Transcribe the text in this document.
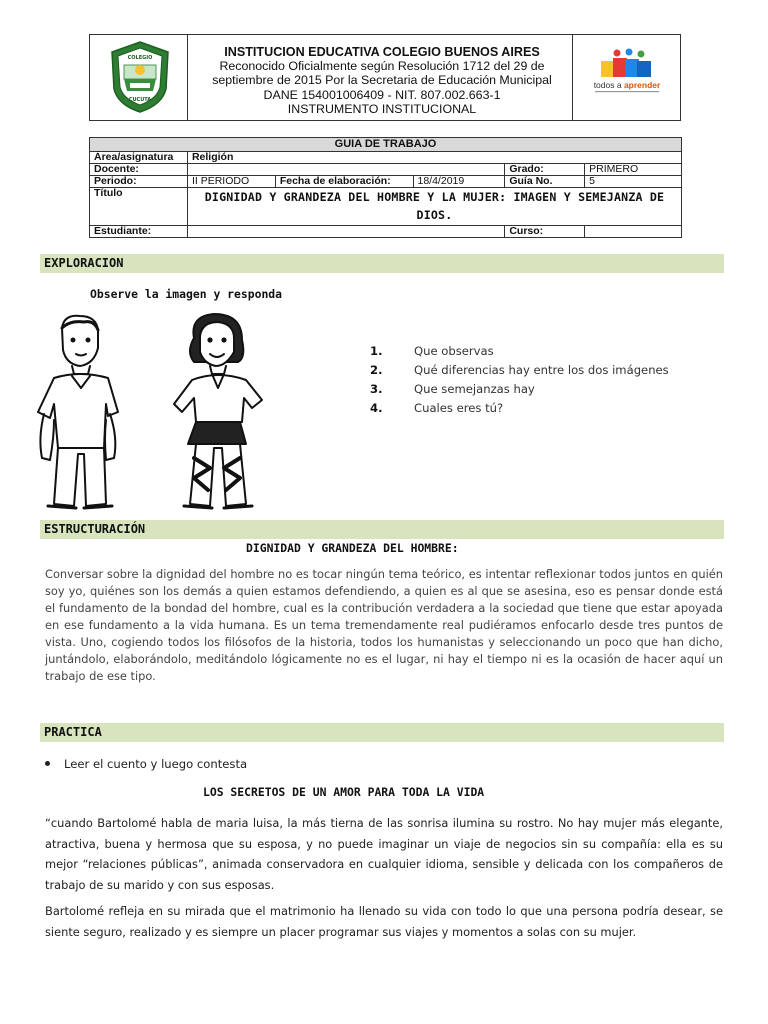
COLEGIO
CUCUTA
INSTITUCION EDUCATIVA COLEGIO BUENOS AIRES
Reconocido Oficialmente según Resolución 1712 del 29 de
septiembre de 2015 Por la Secretaria de Educación Municipal
DANE 154001006409 - NIT. 807.002.663-1
INSTRUMENTO INSTITUCIONAL
todos a aprender
GUIA DE TRABAJO					
Área/asignatura	Religión				
Docente:				Grado:	PRIMERO
Periodo:	II PERIODO	Fecha de elaboración:	18/4/2019	Guía No.	5
Título	DIGNIDAD Y GRANDEZA DEL HOMBRE Y LA MUJER: IMAGEN Y SEMEJANZA DE DIOS.				
Estudiante:				Curso:	
EXPLORACION
Observe la imagen y responda
1.	Que observas
2.	Qué diferencias hay entre los dos imágenes
3.	Que semejanzas hay
4.	Cuales eres tú?
ESTRUCTURACIÓN
DIGNIDAD Y GRANDEZA DEL HOMBRE:
Conversar sobre la dignidad del hombre no es tocar ningún tema teórico, es intentar reflexionar todos juntos en quién soy yo, quiénes son los demás a quien estamos defendiendo, a quien es al que se asesina, eso es pensar donde está el fundamento de la bondad del hombre, cual es la contribución verdadera a la sociedad que tiene que estar apoyada en ese fundamento a la vida humana. Es un tema tremendamente real pudiéramos enfocarlo desde tres puntos de vista. Uno, cogiendo todos los filósofos de la historia, todos los humanistas y seleccionando un poco que han dicho, juntándolo, elaborándolo, meditándolo lógicamente no es el lugar, ni hay el tiempo ni es la ocasión de hacer aquí un trabajo de ese tipo.
PRACTICA
Leer el cuento y luego contesta
LOS SECRETOS DE UN AMOR PARA TODA LA VIDA
“cuando Bartolomé habla de maria luisa, la más tierna de las sonrisa ilumina su rostro. No hay mujer más elegante, atractiva, buena y hermosa que su esposa, y no puede imaginar un viaje de negocios sin su compañía: ella es su mejor “relaciones públicas”, animada conservadora en cualquier idioma, sensible y delicada con los compañeros de trabajo de su marido y con sus esposas.
Bartolomé refleja en su mirada que el matrimonio ha llenado su vida con todo lo que una persona podría desear, se siente seguro, realizado y es siempre un placer programar sus viajes y momentos a solas con su mujer.
